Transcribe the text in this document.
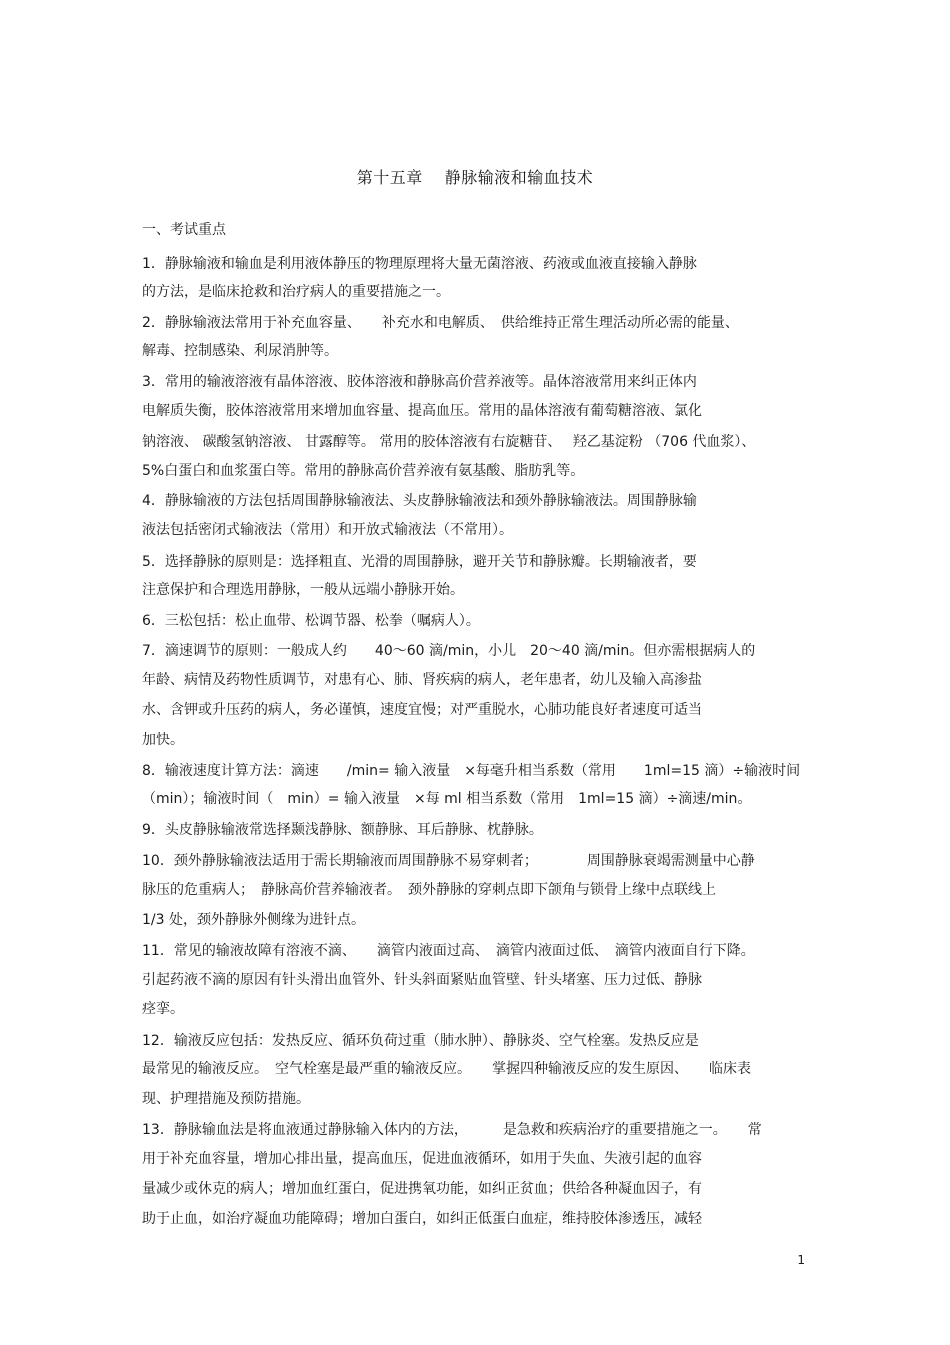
第十五章 静脉输液和输血技术
一、考试重点
1．静脉输液和输血是利用液体静压的物理原理将大量无菌溶液、药液或血液直接输入静脉
的方法，是临床抢救和治疗病人的重要措施之一。
2．静脉输液法常用于补充血容量、　　补充水和电解质、　供给维持正常生理活动所必需的能量、
解毒、控制感染、利尿消肿等。
3．常用的输液溶液有晶体溶液、胶体溶液和静脉高价营养液等。晶体溶液常用来纠正体内
电解质失衡，胶体溶液常用来增加血容量、提高血压。常用的晶体溶液有葡萄糖溶液、氯化
钠溶液、 碳酸氢钠溶液、 甘露醇等。 常用的胶体溶液有右旋糖苷、　 羟乙基淀粉 （706 代血浆）、
5%白蛋白和血浆蛋白等。常用的静脉高价营养液有氨基酸、脂肪乳等。
4．静脉输液的方法包括周围静脉输液法、头皮静脉输液法和颈外静脉输液法。周围静脉输
液法包括密闭式输液法（常用）和开放式输液法（不常用）。
5．选择静脉的原则是：选择粗直、光滑的周围静脉，避开关节和静脉瓣。长期输液者，要
注意保护和合理选用静脉，一般从远端小静脉开始。
6．三松包括：松止血带、松调节器、松拳（嘱病人）。
7．滴速调节的原则：一般成人约　　40～60 滴/min，小儿　20～40 滴/min。但亦需根据病人的
年龄、病情及药物性质调节，对患有心、肺、肾疾病的病人，老年患者，幼儿及输入高渗盐
水、含钾或升压药的病人，务必谨慎，速度宜慢；对严重脱水，心肺功能良好者速度可适当
加快。
8．输液速度计算方法：滴速　　/min= 输入液量　×每毫升相当系数（常用　　1ml=15 滴）÷输液时间
（min）；输液时间（　min）= 输入液量　×每 ml 相当系数（常用　1ml=15 滴）÷滴速/min。
9．头皮静脉输液常选择颞浅静脉、额静脉、耳后静脉、枕静脉。
10．颈外静脉输液法适用于需长期输液而周围静脉不易穿刺者；　　　　周围静脉衰竭需测量中心静
脉压的危重病人；　静脉高价营养输液者。　颈外静脉的穿刺点即下颌角与锁骨上缘中点联线上
1/3 处，颈外静脉外侧缘为进针点。
11．常见的输液故障有溶液不滴、　　滴管内液面过高、　滴管内液面过低、　滴管内液面自行下降。
引起药液不滴的原因有针头滑出血管外、针头斜面紧贴血管壁、针头堵塞、压力过低、静脉
痉挛。
12．输液反应包括：发热反应、循环负荷过重（肺水肿）、静脉炎、空气栓塞。发热反应是
最常见的输液反应。　空气栓塞是最严重的输液反应。　　掌握四种输液反应的发生原因、　　临床表
现、护理措施及预防措施。
13．静脉输血法是将血液通过静脉输入体内的方法，　　　是急救和疾病治疗的重要措施之一。　　常
用于补充血容量，增加心排出量，提高血压，促进血液循环，如用于失血、失液引起的血容
量减少或休克的病人；增加血红蛋白，促进携氧功能，如纠正贫血；供给各种凝血因子，有
助于止血，如治疗凝血功能障碍；增加白蛋白，如纠正低蛋白血症，维持胶体渗透压，减轻
1
